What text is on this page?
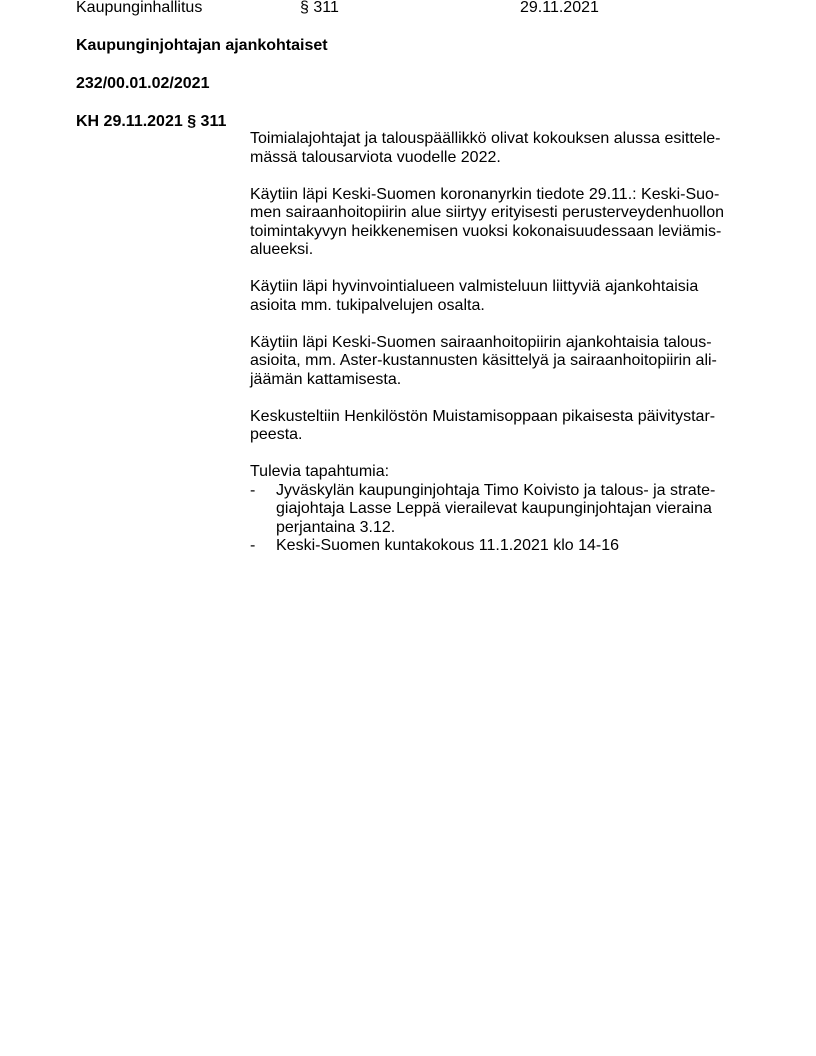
Kaupunginhallitus	§ 311	29.11.2021
Kaupunginjohtajan ajankohtaiset
232/00.01.02/2021
KH 29.11.2021 § 311

Toimialajohtajat ja talouspäällikkö olivat kokouksen alussa esittele-
mässä talousarviota vuodelle 2022.

Käytiin läpi Keski-Suomen koronanyrkin tiedote 29.11.: Keski-Suo-
men sairaanhoitopiirin alue siirtyy erityisesti perusterveydenhuollon
toimintakyvyn heikkenemisen vuoksi kokonaisuudessaan leviämis-
alueeksi.

Käytiin läpi hyvinvointialueen valmisteluun liittyviä ajankohtaisia
asioita mm. tukipalvelujen osalta.

Käytiin läpi Keski-Suomen sairaanhoitopiirin ajankohtaisia talous-
asioita, mm. Aster-kustannusten käsittelyä ja sairaanhoitopiirin ali-
jäämän kattamisesta.

Keskusteltiin Henkilöstön Muistamisoppaan pikaisesta päivitystar-
peesta.

Tulevia tapahtumia:
- Jyväskylän kaupunginjohtaja Timo Koivisto ja talous- ja strate-
giajohtaja Lasse Leppä vierailevat kaupunginjohtajan vieraina
perjantaina 3.12.
- Keski-Suomen kuntakokous 11.1.2021 klo 14-16
